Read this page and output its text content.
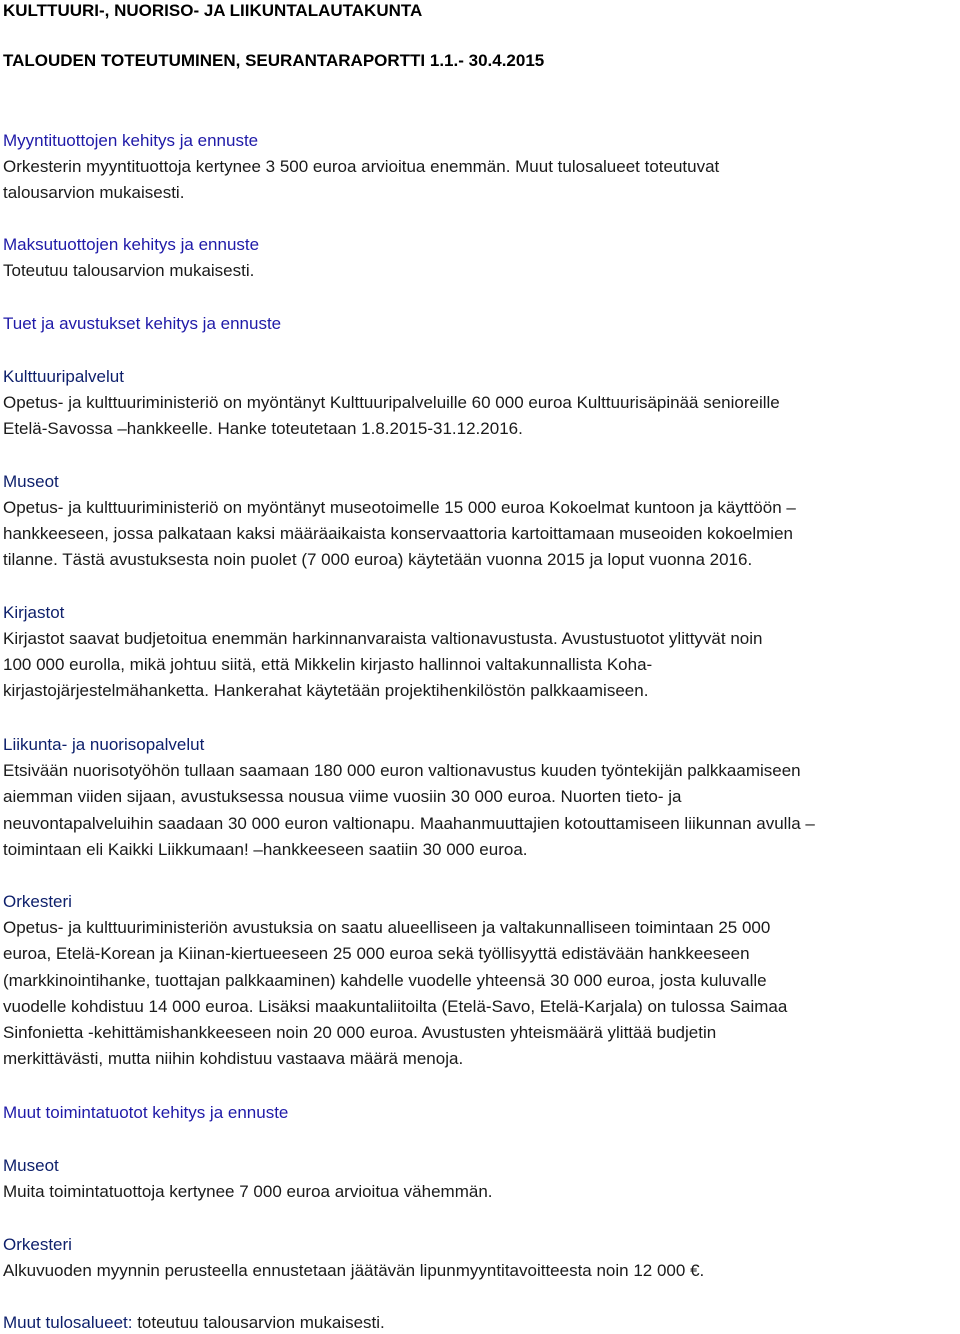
KULTTUURI-, NUORISO- JA LIIKUNTALAUTAKUNTA
TALOUDEN TOTEUTUMINEN, SEURANTARAPORTTI 1.1.- 30.4.2015
Myyntituottojen kehitys ja ennuste
Orkesterin myyntituottoja kertynee 3 500 euroa arvioitua enemmän. Muut tulosalueet toteutuvat
talousarvion mukaisesti.
Maksutuottojen kehitys ja ennuste
Toteutuu talousarvion mukaisesti.
Tuet ja avustukset kehitys ja ennuste
Kulttuuripalvelut
Opetus- ja kulttuuriministeriö on myöntänyt Kulttuuripalveluille 60 000 euroa Kulttuurisäpinää senioreille
Etelä-Savossa –hankkeelle. Hanke toteutetaan 1.8.2015-31.12.2016.
Museot
Opetus- ja kulttuuriministeriö on myöntänyt museotoimelle 15 000 euroa Kokoelmat kuntoon ja käyttöön –
hankkeeseen, jossa palkataan kaksi määräaikaista konservaattoria kartoittamaan museoiden kokoelmien
tilanne. Tästä avustuksesta noin puolet (7 000 euroa) käytetään vuonna 2015 ja loput vuonna 2016.
Kirjastot
Kirjastot saavat budjetoitua enemmän harkinnanvaraista valtionavustusta. Avustustuotot ylittyvät noin
100 000 eurolla, mikä johtuu siitä, että Mikkelin kirjasto hallinnoi valtakunnallista Koha-
kirjastojärjestelmähanketta. Hankerahat käytetään projektihenkilöstön palkkaamiseen.
Liikunta- ja nuorisopalvelut
Etsivään nuorisotyöhön tullaan saamaan 180 000 euron valtionavustus kuuden työntekijän palkkaamiseen
aiemman viiden sijaan, avustuksessa nousua viime vuosiin 30 000 euroa. Nuorten tieto- ja
neuvontapalveluihin saadaan 30 000 euron valtionapu. Maahanmuuttajien kotouttamiseen liikunnan avulla –
toimintaan eli Kaikki Liikkumaan! –hankkeeseen saatiin 30 000 euroa.
Orkesteri
Opetus- ja kulttuuriministeriön avustuksia on saatu alueelliseen ja valtakunnalliseen toimintaan 25 000
euroa, Etelä-Korean ja Kiinan-kiertueeseen 25 000 euroa sekä työllisyyttä edistävään hankkeeseen
(markkinointihanke, tuottajan palkkaaminen) kahdelle vuodelle yhteensä 30 000 euroa, josta kuluvalle
vuodelle kohdistuu 14 000 euroa. Lisäksi maakuntaliitoilta (Etelä-Savo, Etelä-Karjala) on tulossa Saimaa
Sinfonietta -kehittämishankkeeseen noin 20 000 euroa. Avustusten yhteismäärä ylittää budjetin
merkittävästi, mutta niihin kohdistuu vastaava määrä menoja.
Muut toimintatuotot kehitys ja ennuste
Museot
Muita toimintatuottoja kertynee 7 000 euroa arvioitua vähemmän.
Orkesteri
Alkuvuoden myynnin perusteella ennustetaan jäätävän lipunmyyntitavoitteesta noin 12 000 €.
Muut tulosalueet: toteutuu talousarvion mukaisesti.
